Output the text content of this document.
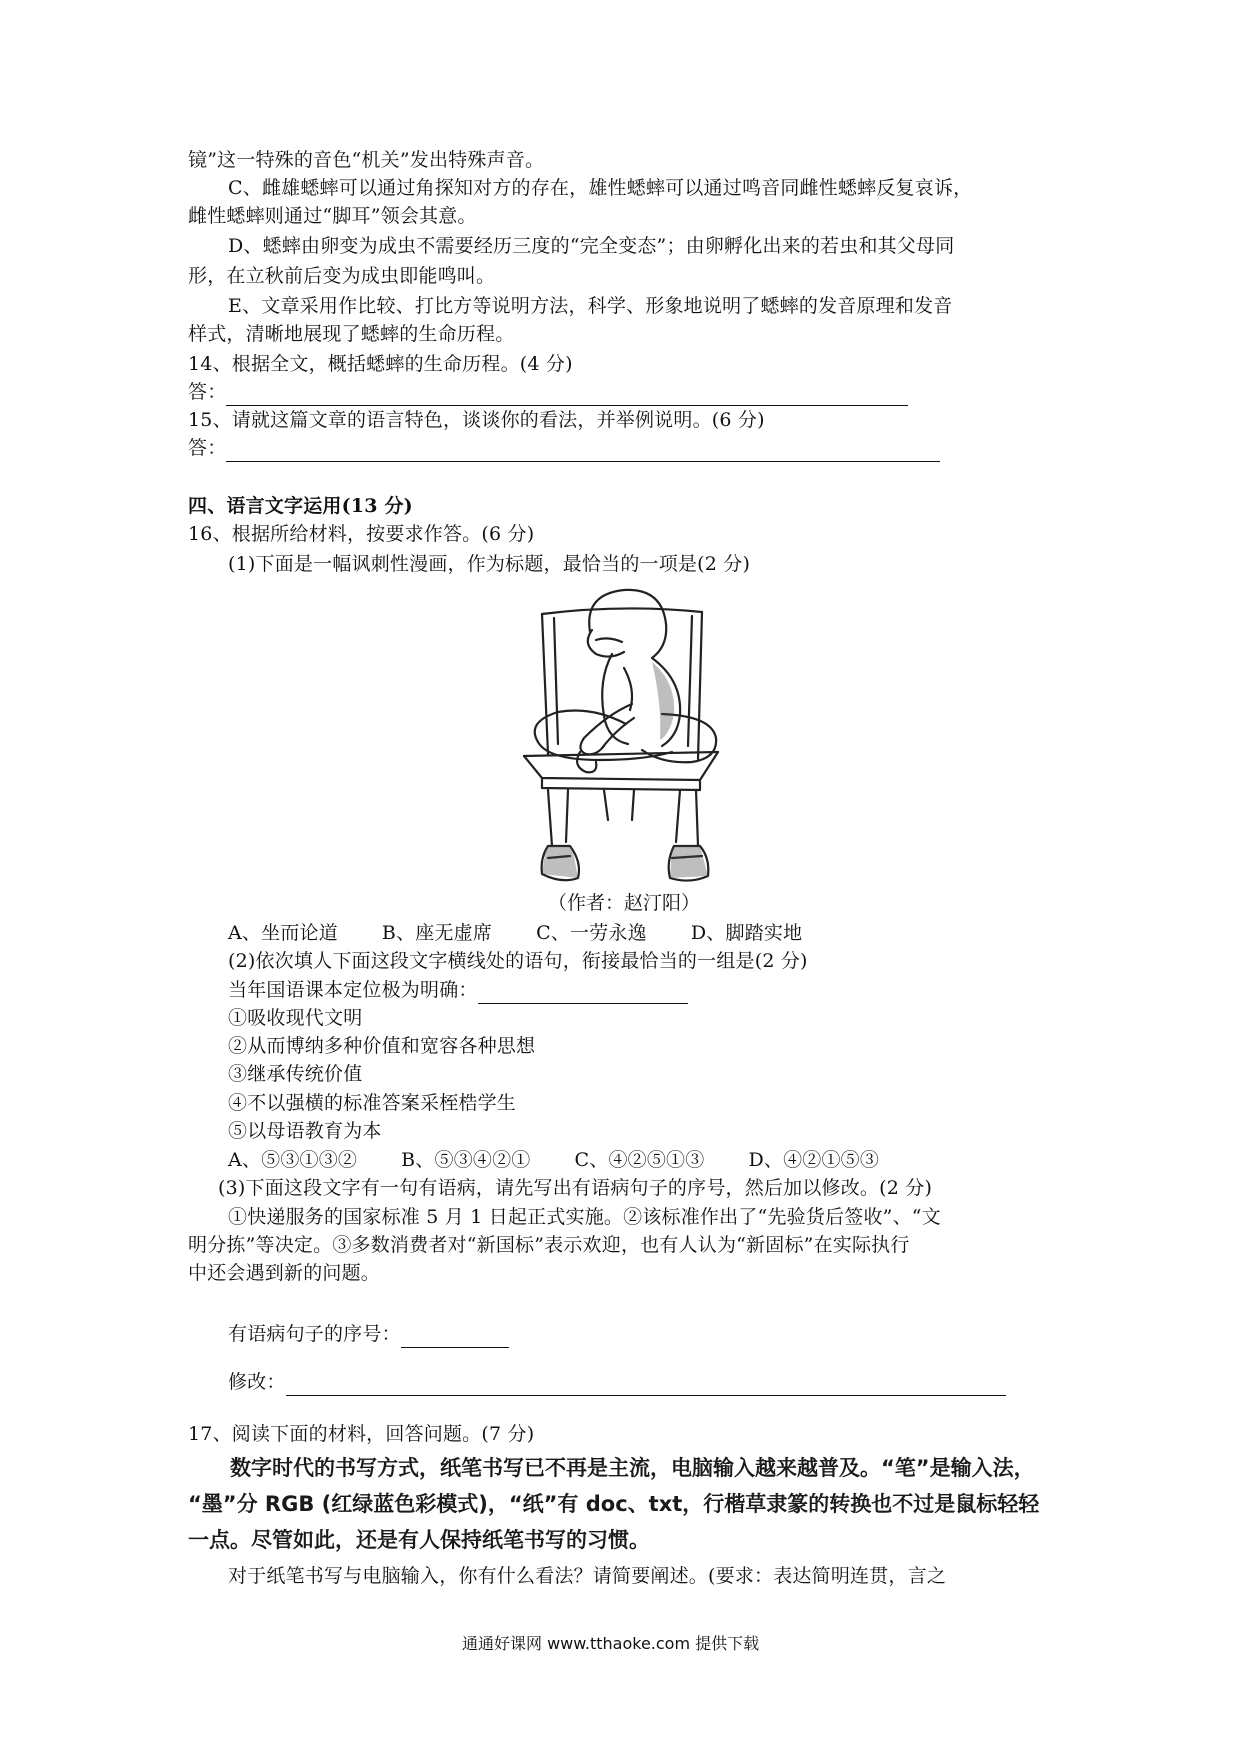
镜”这一特殊的音色“机关”发出特殊声音。
C、雌雄蟋蟀可以通过角探知对方的存在，雄性蟋蟀可以通过鸣音同雌性蟋蟀反复哀诉，
雌性蟋蟀则通过“脚耳”领会其意。
D、蟋蟀由卵变为成虫不需要经历三度的“完全变态”；由卵孵化出来的若虫和其父母同
形，在立秋前后变为成虫即能鸣叫。
E、文章采用作比较、打比方等说明方法，科学、形象地说明了蟋蟀的发音原理和发音
样式，清晰地展现了蟋蟀的生命历程。
14、根据全文，概括蟋蟀的生命历程。(4 分)
答：
15、请就这篇文章的语言特色，谈谈你的看法，并举例说明。(6 分)
答：
四、语言文字运用(13 分)
16、根据所给材料，按要求作答。(6 分)
(1)下面是一幅讽刺性漫画，作为标题，最恰当的一项是(2 分)
（作者：赵汀阳）
A、坐而论道 B、座无虚席 C、一劳永逸 D、脚踏实地
(2)依次填人下面这段文字横线处的语句，衔接最恰当的一组是(2 分)
当年国语课本定位极为明确：
①吸收现代文明
②从而博纳多种价值和宽容各种思想
③继承传统价值
④不以强横的标准答案采桎梏学生
⑤以母语教育为本
A、⑤③①③② B、⑤③④②① C、④②⑤①③ D、④②①⑤③
(3)下面这段文字有一句有语病，请先写出有语病句子的序号，然后加以修改。(2 分)
①快递服务的国家标准 5 月 1 日起正式实施。②该标准作出了“先验货后签收”、“文
明分拣”等决定。③多数消费者对“新国标”表示欢迎，也有人认为“新固标”在实际执行
中还会遇到新的问题。
有语病句子的序号：
修改：
17、阅读下面的材料，回答问题。(7 分)
数字时代的书写方式，纸笔书写已不再是主流，电脑输入越来越普及。“笔”是输入法，
“墨”分 RGB (红绿蓝色彩模式)，“纸”有 doc、txt，行楷草隶篆的转换也不过是鼠标轻轻
一点。尽管如此，还是有人保持纸笔书写的习惯。
对于纸笔书写与电脑输入，你有什么看法？请简要阐述。(要求：表达简明连贯，言之
通通好课网 www.tthaoke.com 提供下载
